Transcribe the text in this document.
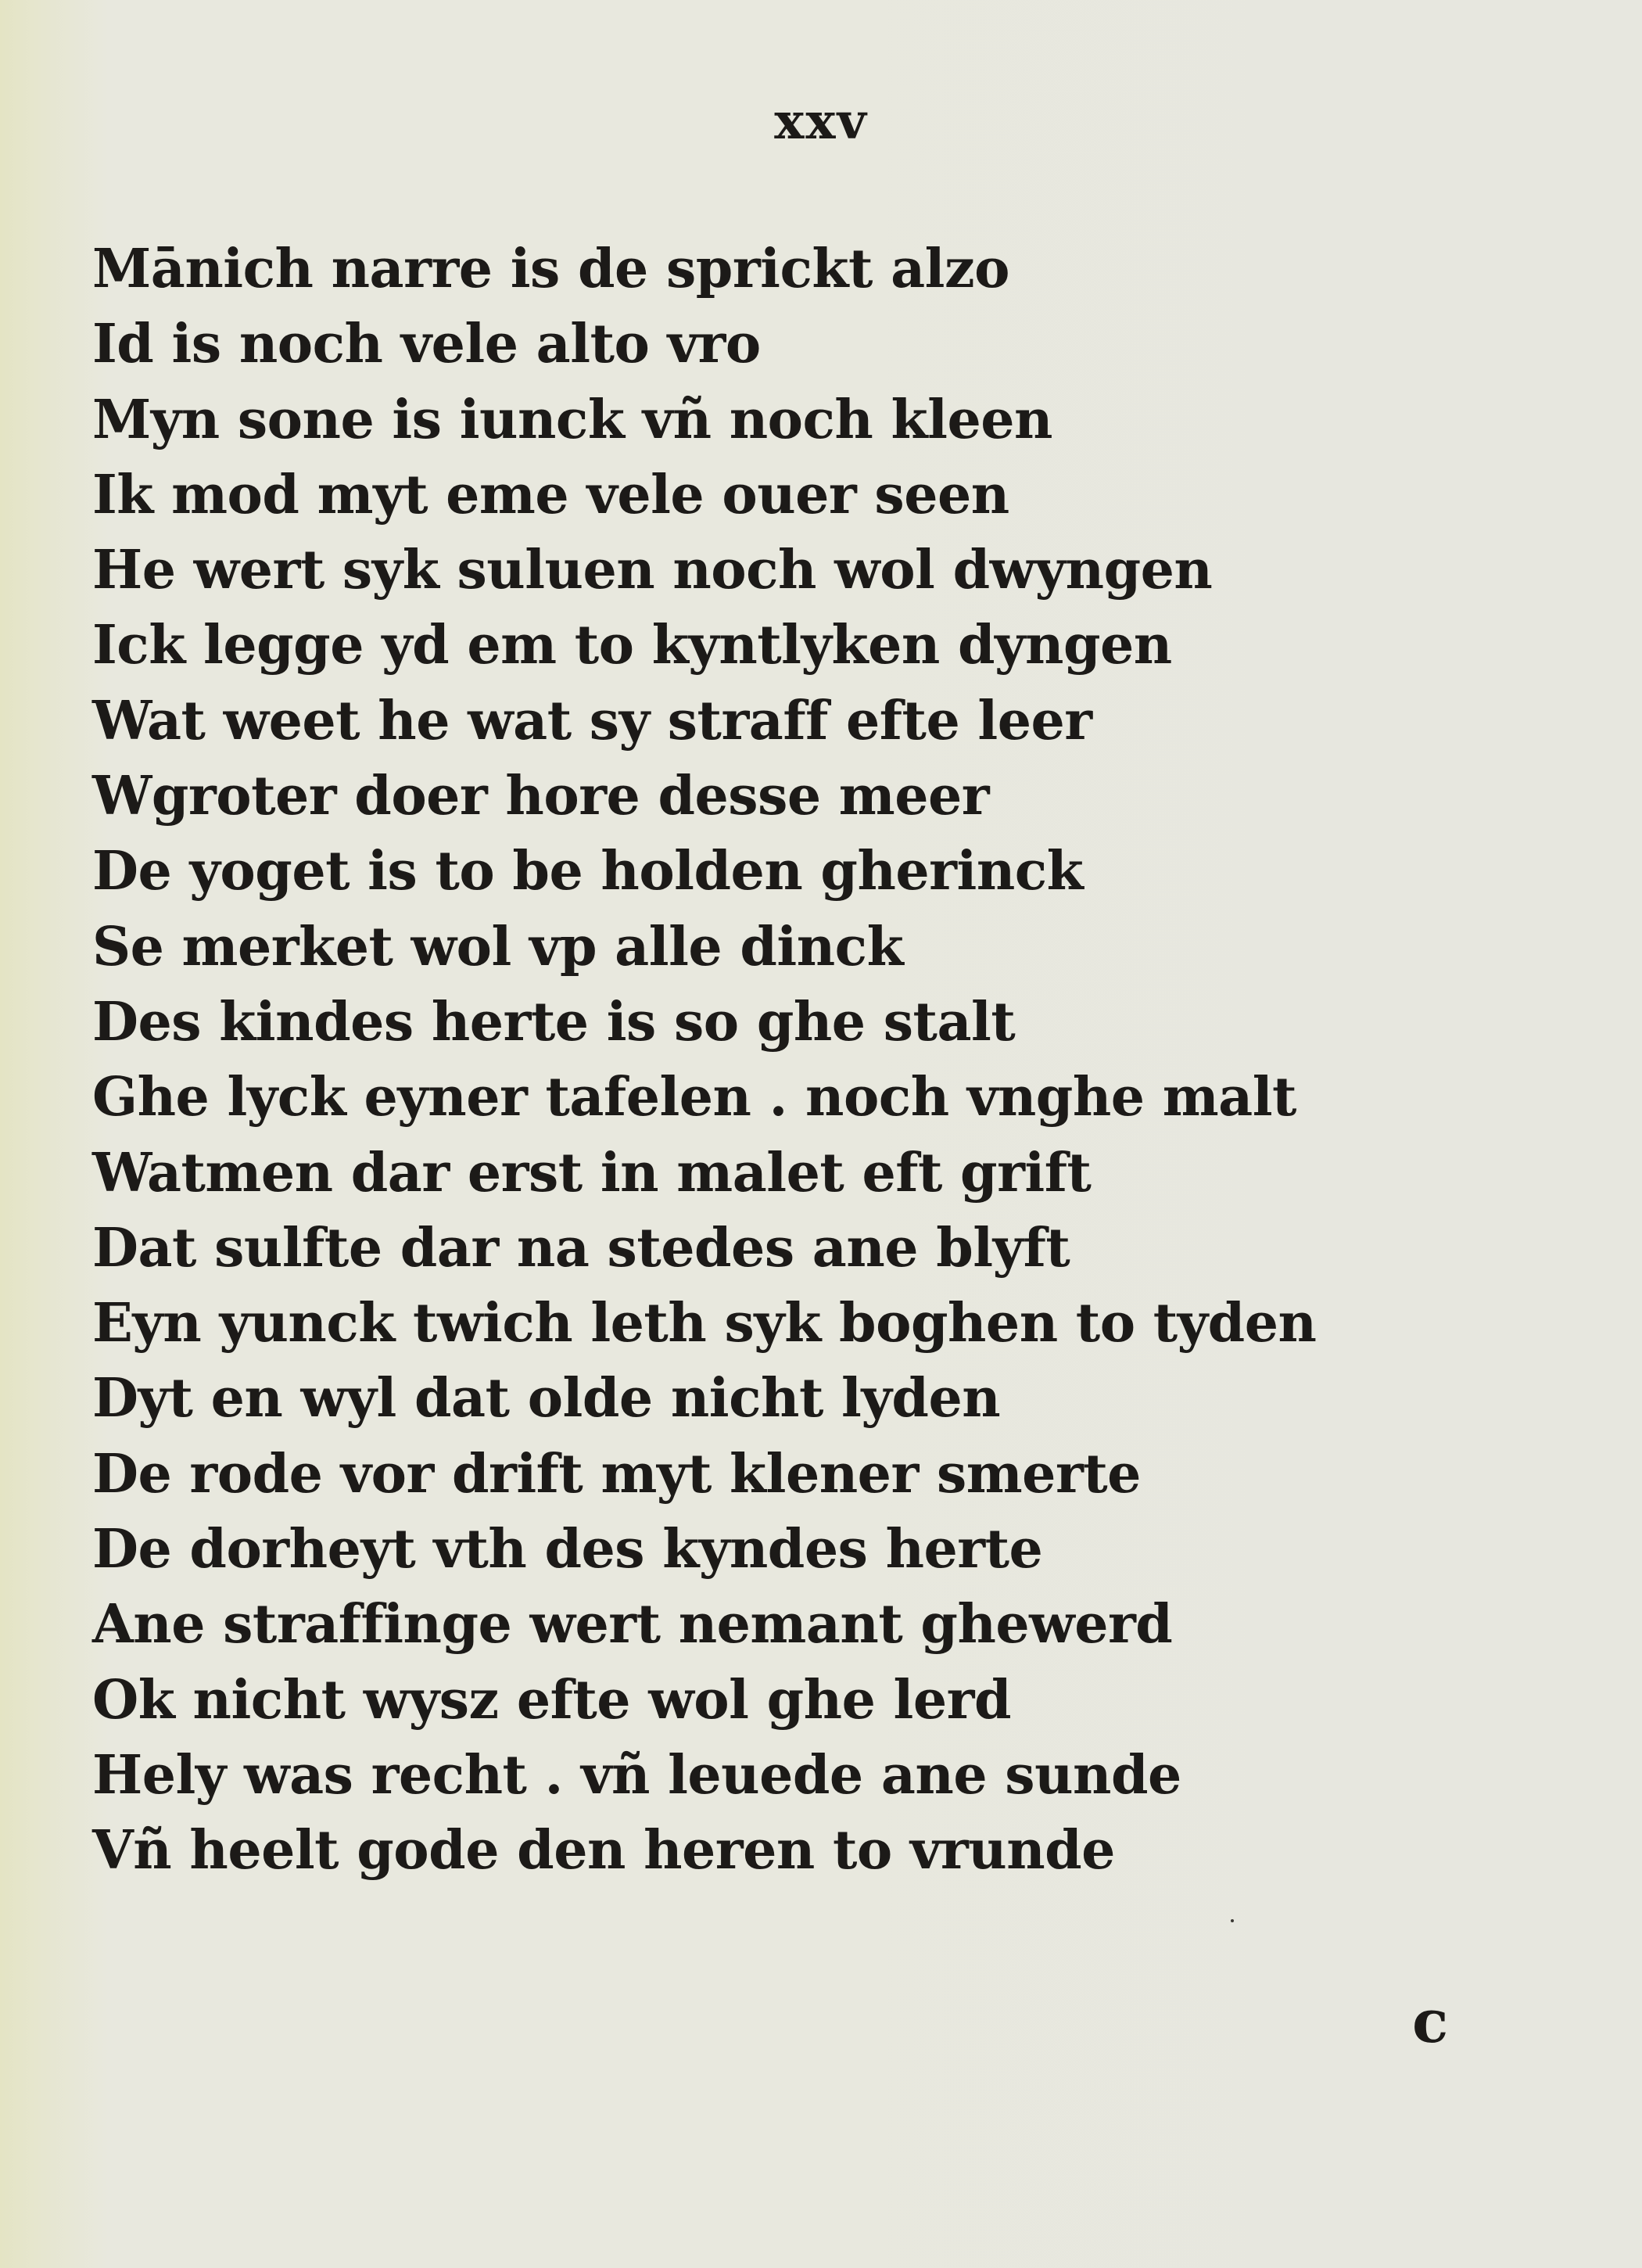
xxv
Mānich narre is de sprickt alzo
Id is noch vele alto vro
Myn sone is iunck vñ noch kleen
Ik mod myt eme vele ouer seen
He wert syk suluen noch wol dwyngen
Ick legge yd em to kyntlyken dyngen
Wat weet he wat sy straff efte leer
Wgroter doer hore desse meer
De yoget is to be holden gherinck
Se merket wol vp alle dinck
Des kindes herte is so ghe stalt
Ghe lyck eyner tafelen . noch vnghe malt
Watmen dar erst in malet eft grift
Dat sulfte dar na stedes ane blyft
Eyn yunck twich leth syk boghen to tyden
Dyt en wyl dat olde nicht lyden
De rode vor drift myt klener smerte
De dorheyt vth des kyndes herte
Ane straffinge wert nemant ghewerd
Ok nicht wysz efte wol ghe lerd
Hely was recht . vñ leuede ane sunde
Vñ heelt gode den heren to vrunde
c
